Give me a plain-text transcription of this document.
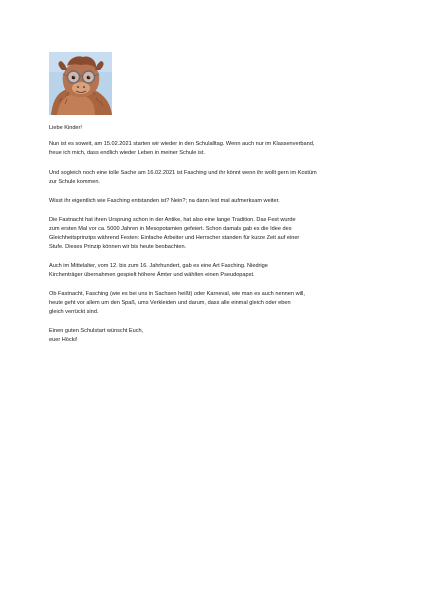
Liebe Kinder!

Nun ist es soweit, am 15.02.2021 starten wir wieder in den Schulalltag. Wenn auch nur im Klassenverband,
freue ich mich, dass endlich wieder Leben in meiner Schule ist.

Und sogleich noch eine tolle Sache am 16.02.2021 ist Fasching und ihr könnt wenn ihr wollt gern im Kostüm
zur Schule kommen.

Wisst ihr eigentlich wie Fasching entstanden ist? Nein?; na dann lest mal aufmerksam weiter.

Die Fastnacht hat ihren Ursprung schon in der Antike, hat also eine lange Tradition. Das Fest wurde
zum ersten Mal vor ca. 5000 Jahren in Mesopotamien gefeiert. Schon damals gab es die Idee des
Gleichheitsprinzips während Festen: Einfache Arbeiter und Herrscher standen für kurze Zeit auf einer
Stufe. Dieses Prinzip können wir bis heute beobachten.

Auch im Mittelalter, vom 12. bis zum 16. Jahrhundert, gab es eine Art Fasching. Niedrige
Kirchenträger übernahmen gespielt höhere Ämter und wählten einen Pseudopapst.

Ob Fastnacht, Fasching (wie es bei uns in Sachsen heißt) oder Karneval, wie man es auch nennen will,
heute geht vor allem um den Spaß, ums Verkleiden und darum, dass alle einmal gleich oder eben
gleich verrückt sind.

Einen guten Schulstart wünscht Euch,
euer Höcki!
